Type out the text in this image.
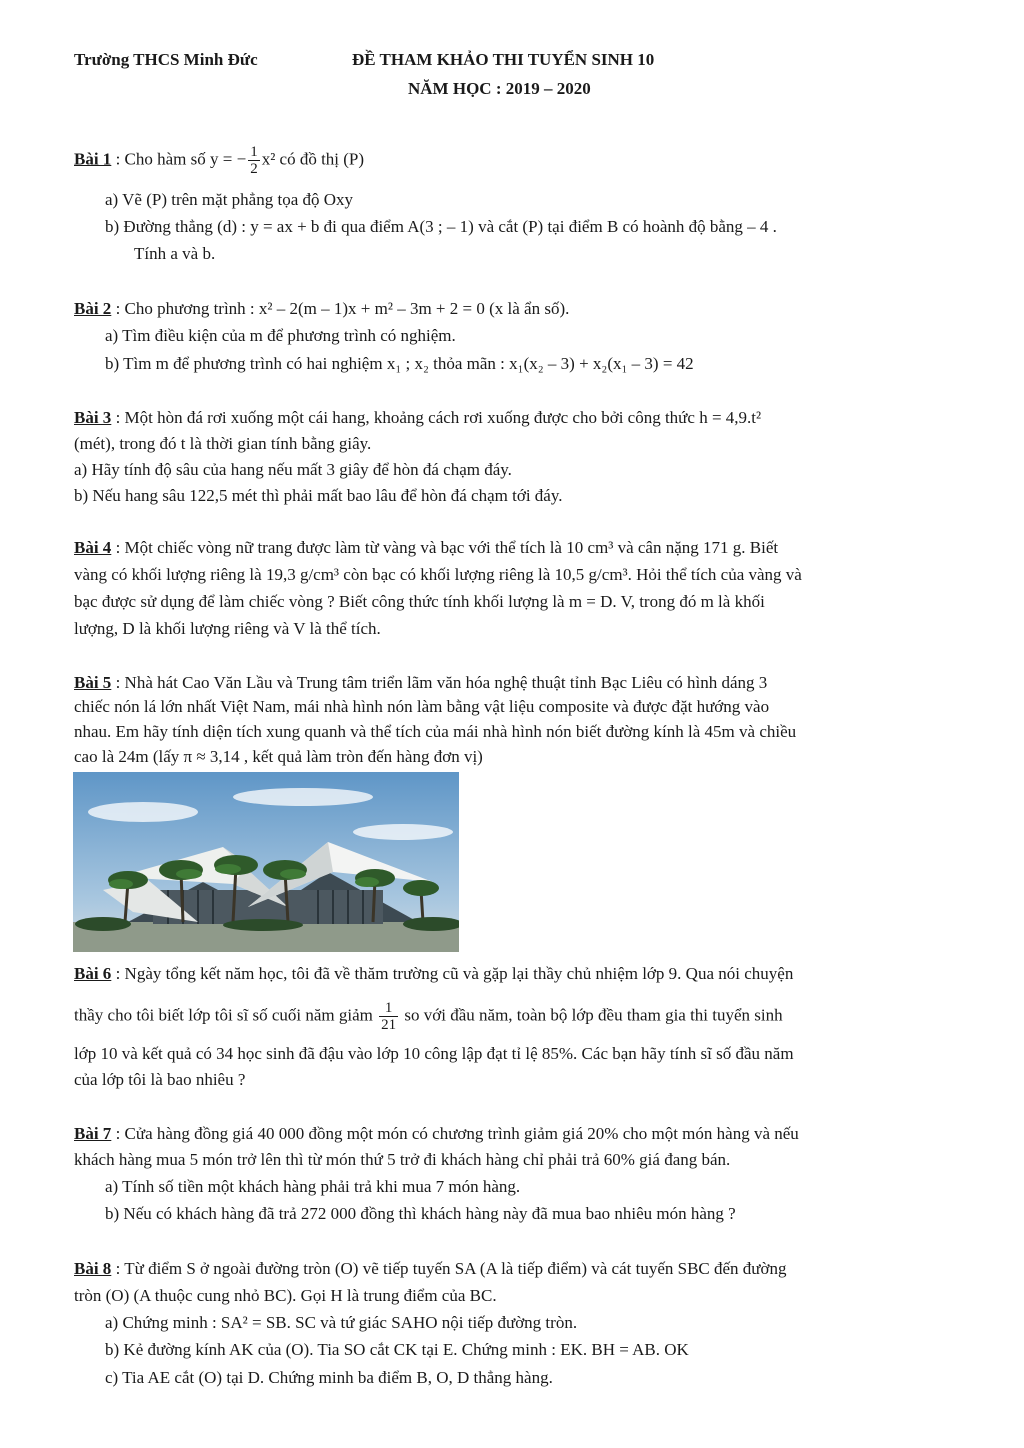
Trường THCS Minh Đức	ĐỀ THAM KHẢO THI TUYỂN SINH 10
NĂM HỌC : 2019 – 2020
Bài 1 : Cho hàm số y = − $\frac{1}{2} x^2$ có đồ thị (P)
a) Vẽ (P) trên mặt phẳng tọa độ Oxy
b) Đường thẳng (d) : y = ax + b đi qua điểm A(3 ; – 1) và cắt (P) tại điểm B có hoành độ bằng – 4 .
Tính a và b.
Bài 2 : Cho phương trình : x² – 2(m – 1)x + m² – 3m + 2 = 0 (x là ẩn số).
a) Tìm điều kiện của m để phương trình có nghiệm.
b) Tìm m để phương trình có hai nghiệm x₁ ; x₂ thỏa mãn : x₁(x₂ – 3) + x₂(x₁ – 3) = 42
Bài 3 : Một hòn đá rơi xuống một cái hang, khoảng cách rơi xuống được cho bởi công thức h = 4,9.t²
(mét), trong đó t là thời gian tính bằng giây.
a) Hãy tính độ sâu của hang nếu mất 3 giây để hòn đá chạm đáy.
b) Nếu hang sâu 122,5 mét thì phải mất bao lâu để hòn đá chạm tới đáy.
Bài 4 : Một chiếc vòng nữ trang được làm từ vàng và bạc với thể tích là 10 cm³ và cân nặng 171 g. Biết
vàng có khối lượng riêng là 19,3 g/cm³ còn bạc có khối lượng riêng là 10,5 g/cm³. Hỏi thể tích của vàng và
bạc được sử dụng để làm chiếc vòng ? Biết công thức tính khối lượng là m = D. V, trong đó m là khối
lượng, D là khối lượng riêng và V là thể tích.
Bài 5 : Nhà hát Cao Văn Lầu và Trung tâm triển lãm văn hóa nghệ thuật tỉnh Bạc Liêu có hình dáng 3
chiếc nón lá lớn nhất Việt Nam, mái nhà hình nón làm bằng vật liệu composite và được đặt hướng vào
nhau. Em hãy tính diện tích xung quanh và thể tích của mái nhà hình nón biết đường kính là 45m và chiều
cao là 24m (lấy π ≈ 3,14 , kết quả làm tròn đến hàng đơn vị)
Bài 6 : Ngày tổng kết năm học, tôi đã về thăm trường cũ và gặp lại thầy chủ nhiệm lớp 9. Qua nói chuyện
thầy cho tôi biết lớp tôi sĩ số cuối năm giảm $\frac{1}{21}$ so với đầu năm, toàn bộ lớp đều tham gia thi tuyển sinh
lớp 10 và kết quả có 34 học sinh đã đậu vào lớp 10 công lập đạt tỉ lệ 85%. Các bạn hãy tính sĩ số đầu năm
của lớp tôi là bao nhiêu ?
Bài 7 : Cửa hàng đồng giá 40 000 đồng một món có chương trình giảm giá 20% cho một món hàng và nếu
khách hàng mua 5 món trở lên thì từ món thứ 5 trở đi khách hàng chỉ phải trả 60% giá đang bán.
a) Tính số tiền một khách hàng phải trả khi mua 7 món hàng.
b) Nếu có khách hàng đã trả 272 000 đồng thì khách hàng này đã mua bao nhiêu món hàng ?
Bài 8 : Từ điểm S ở ngoài đường tròn (O) vẽ tiếp tuyến SA (A là tiếp điểm) và cát tuyến SBC đến đường
tròn (O) (A thuộc cung nhỏ BC). Gọi H là trung điểm của BC.
a) Chứng minh : SA² = SB. SC và tứ giác SAHO nội tiếp đường tròn.
b) Kẻ đường kính AK của (O). Tia SO cắt CK tại E. Chứng minh : EK. BH = AB. OK
c) Tia AE cắt (O) tại D. Chứng minh ba điểm B, O, D thẳng hàng.
